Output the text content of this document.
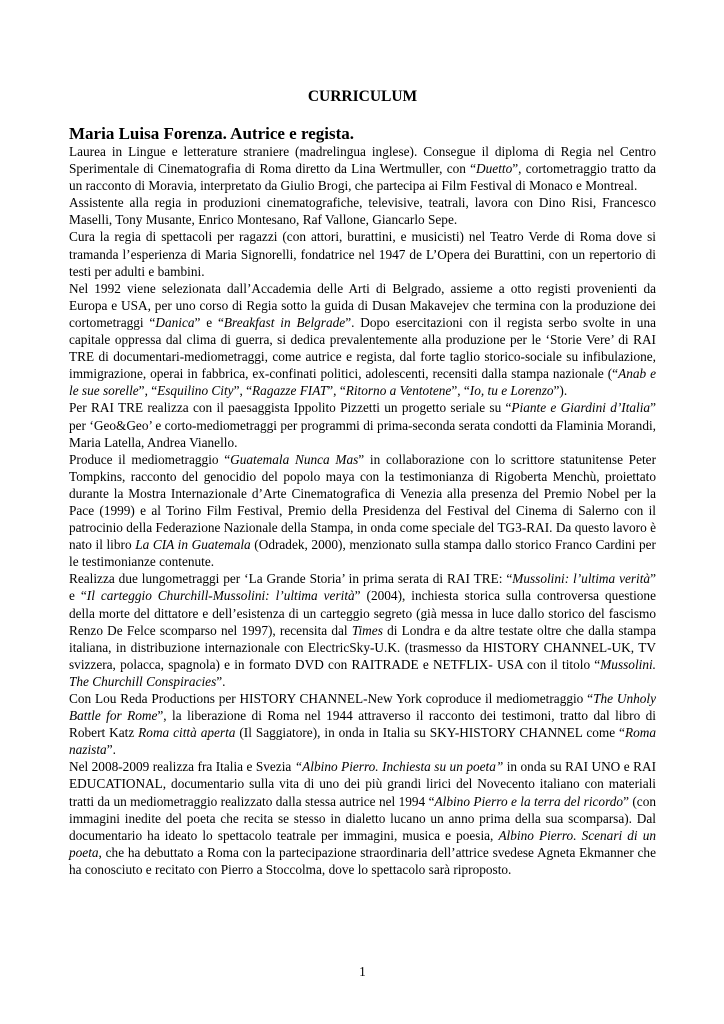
CURRICULUM
Maria Luisa Forenza. Autrice e regista.

Laurea in Lingue e letterature straniere (madrelingua inglese). Consegue il diploma di Regia nel Centro Sperimentale di Cinematografia di Roma diretto da Lina Wertmuller, con “Duetto”, cortometraggio tratto da un racconto di Moravia, interpretato da Giulio Brogi, che partecipa ai Film Festival di Monaco e Montreal.

Assistente alla regia in produzioni cinematografiche, televisive, teatrali, lavora con Dino Risi, Francesco Maselli, Tony Musante, Enrico Montesano, Raf Vallone, Giancarlo Sepe.

Cura la regia di spettacoli per ragazzi (con attori, burattini, e musicisti) nel Teatro Verde di Roma dove si tramanda l’esperienza di Maria Signorelli, fondatrice nel 1947 de L’Opera dei Burattini, con un repertorio di testi per adulti e bambini.

Nel 1992 viene selezionata dall’Accademia delle Arti di Belgrado, assieme a otto registi provenienti da Europa e USA, per uno corso di Regia sotto la guida di Dusan Makavejev che termina con la produzione dei cortometraggi “Danica” e “Breakfast in Belgrade”. Dopo esercitazioni con il regista serbo svolte in una capitale oppressa dal clima di guerra, si dedica prevalentemente alla produzione per le ‘Storie Vere’ di RAI TRE di documentari-mediometraggi, come autrice e regista, dal forte taglio storico-sociale su infibulazione, immigrazione, operai in fabbrica, ex-confinati politici, adolescenti, recensiti dalla stampa nazionale (“Anab e le sue sorelle”, “Esquilino City”, “Ragazze FIAT”, “Ritorno a Ventotene”, “Io, tu e Lorenzo”).

Per RAI TRE realizza con il paesaggista Ippolito Pizzetti un progetto seriale su “Piante e Giardini d’Italia” per ‘Geo&Geo’ e corto-mediometraggi per programmi di prima-seconda serata condotti da Flaminia Morandi, Maria Latella, Andrea Vianello.

Produce il mediometraggio “Guatemala Nunca Mas” in collaborazione con lo scrittore statunitense Peter Tompkins, racconto del genocidio del popolo maya con la testimonianza di Rigoberta Menchù, proiettato durante la Mostra Internazionale d’Arte Cinematografica di Venezia alla presenza del Premio Nobel per la Pace (1999) e al Torino Film Festival, Premio della Presidenza del Festival del Cinema di Salerno con il patrocinio della Federazione Nazionale della Stampa, in onda come speciale del TG3-RAI. Da questo lavoro è nato il libro La CIA in Guatemala (Odradek, 2000), menzionato sulla stampa dallo storico Franco Cardini per le testimonianze contenute.

Realizza due lungometraggi per ‘La Grande Storia’ in prima serata di RAI TRE: “Mussolini: l’ultima verità” e “Il carteggio Churchill-Mussolini: l’ultima verità” (2004), inchiesta storica sulla controversa questione della morte del dittatore e dell’esistenza di un carteggio segreto (già messa in luce dallo storico del fascismo Renzo De Felce scomparso nel 1997), recensita dal Times di Londra e da altre testate oltre che dalla stampa italiana, in distribuzione internazionale con ElectricSky-U.K. (trasmesso da HISTORY CHANNEL-UK, TV svizzera, polacca, spagnola) e in formato DVD con RAITRADE e NETFLIX- USA con il titolo “Mussolini. The Churchill Conspiracies”.

Con Lou Reda Productions per HISTORY CHANNEL-New York coproduce il mediometraggio “The Unholy Battle for Rome”, la liberazione di Roma nel 1944 attraverso il racconto dei testimoni, tratto dal libro di Robert Katz Roma città aperta (Il Saggiatore), in onda in Italia su SKY-HISTORY CHANNEL come “Roma nazista”.

Nel 2008-2009 realizza fra Italia e Svezia “Albino Pierro. Inchiesta su un poeta” in onda su RAI UNO e RAI EDUCATIONAL, documentario sulla vita di uno dei più grandi lirici del Novecento italiano con materiali tratti da un mediometraggio realizzato dalla stessa autrice nel 1994 “Albino Pierro e la terra del ricordo” (con immagini inedite del poeta che recita se stesso in dialetto lucano un anno prima della sua scomparsa). Dal documentario ha ideato lo spettacolo teatrale per immagini, musica e poesia, Albino Pierro. Scenari di un poeta, che ha debuttato a Roma con la partecipazione straordinaria dell’attrice svedese Agneta Ekmanner che ha conosciuto e recitato con Pierro a Stoccolma, dove lo spettacolo sarà riproposto.

1
